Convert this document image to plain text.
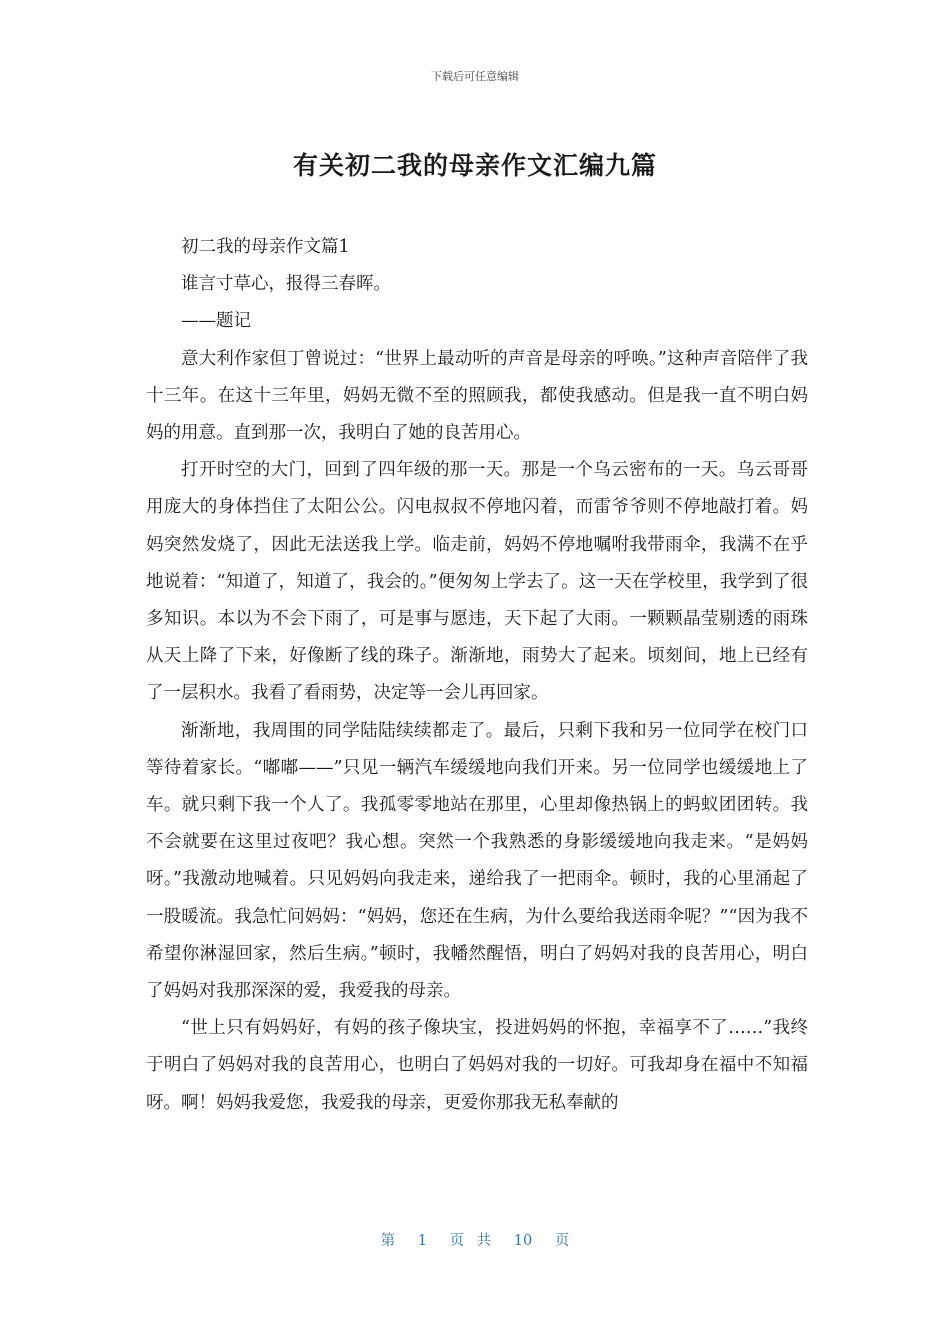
下载后可任意编辑
有关初二我的母亲作文汇编九篇

初二我的母亲作文篇1

谁言寸草心，报得三春晖。

——题记

意大利作家但丁曾说过：“世界上最动听的声音是母亲的呼唤。”这种声音陪伴了我十三年。在这十三年里，妈妈无微不至的照顾我，都使我感动。但是我一直不明白妈妈的用意。直到那一次，我明白了她的良苦用心。

打开时空的大门，回到了四年级的那一天。那是一个乌云密布的一天。乌云哥哥用庞大的身体挡住了太阳公公。闪电叔叔不停地闪着，而雷爷爷则不停地敲打着。妈妈突然发烧了，因此无法送我上学。临走前，妈妈不停地嘱咐我带雨伞，我满不在乎地说着：“知道了，知道了，我会的。”便匆匆上学去了。这一天在学校里，我学到了很多知识。本以为不会下雨了，可是事与愿违，天下起了大雨。一颗颗晶莹剔透的雨珠从天上降了下来，好像断了线的珠子。渐渐地，雨势大了起来。顷刻间，地上已经有了一层积水。我看了看雨势，决定等一会儿再回家。

渐渐地，我周围的同学陆陆续续都走了。最后，只剩下我和另一位同学在校门口等待着家长。“嘟嘟——”只见一辆汽车缓缓地向我们开来。另一位同学也缓缓地上了车。就只剩下我一个人了。我孤零零地站在那里，心里却像热锅上的蚂蚁团团转。我不会就要在这里过夜吧？我心想。突然一个我熟悉的身影缓缓地向我走来。“是妈妈呀。”我激动地喊着。只见妈妈向我走来，递给我了一把雨伞。顿时，我的心里涌起了一股暖流。我急忙问妈妈：“妈妈，您还在生病，为什么要给我送雨伞呢？”“因为我不希望你淋湿回家，然后生病。”顿时，我幡然醒悟，明白了妈妈对我的良苦用心，明白了妈妈对我那深深的爱，我爱我的母亲。

“世上只有妈妈好，有妈的孩子像块宝，投进妈妈的怀抱，幸福享不了……”我终于明白了妈妈对我的良苦用心，也明白了妈妈对我的一切好。可我却身在福中不知福呀。啊！妈妈我爱您，我爱我的母亲，更爱你那我无私奉献的

第 1 页 共 10 页
